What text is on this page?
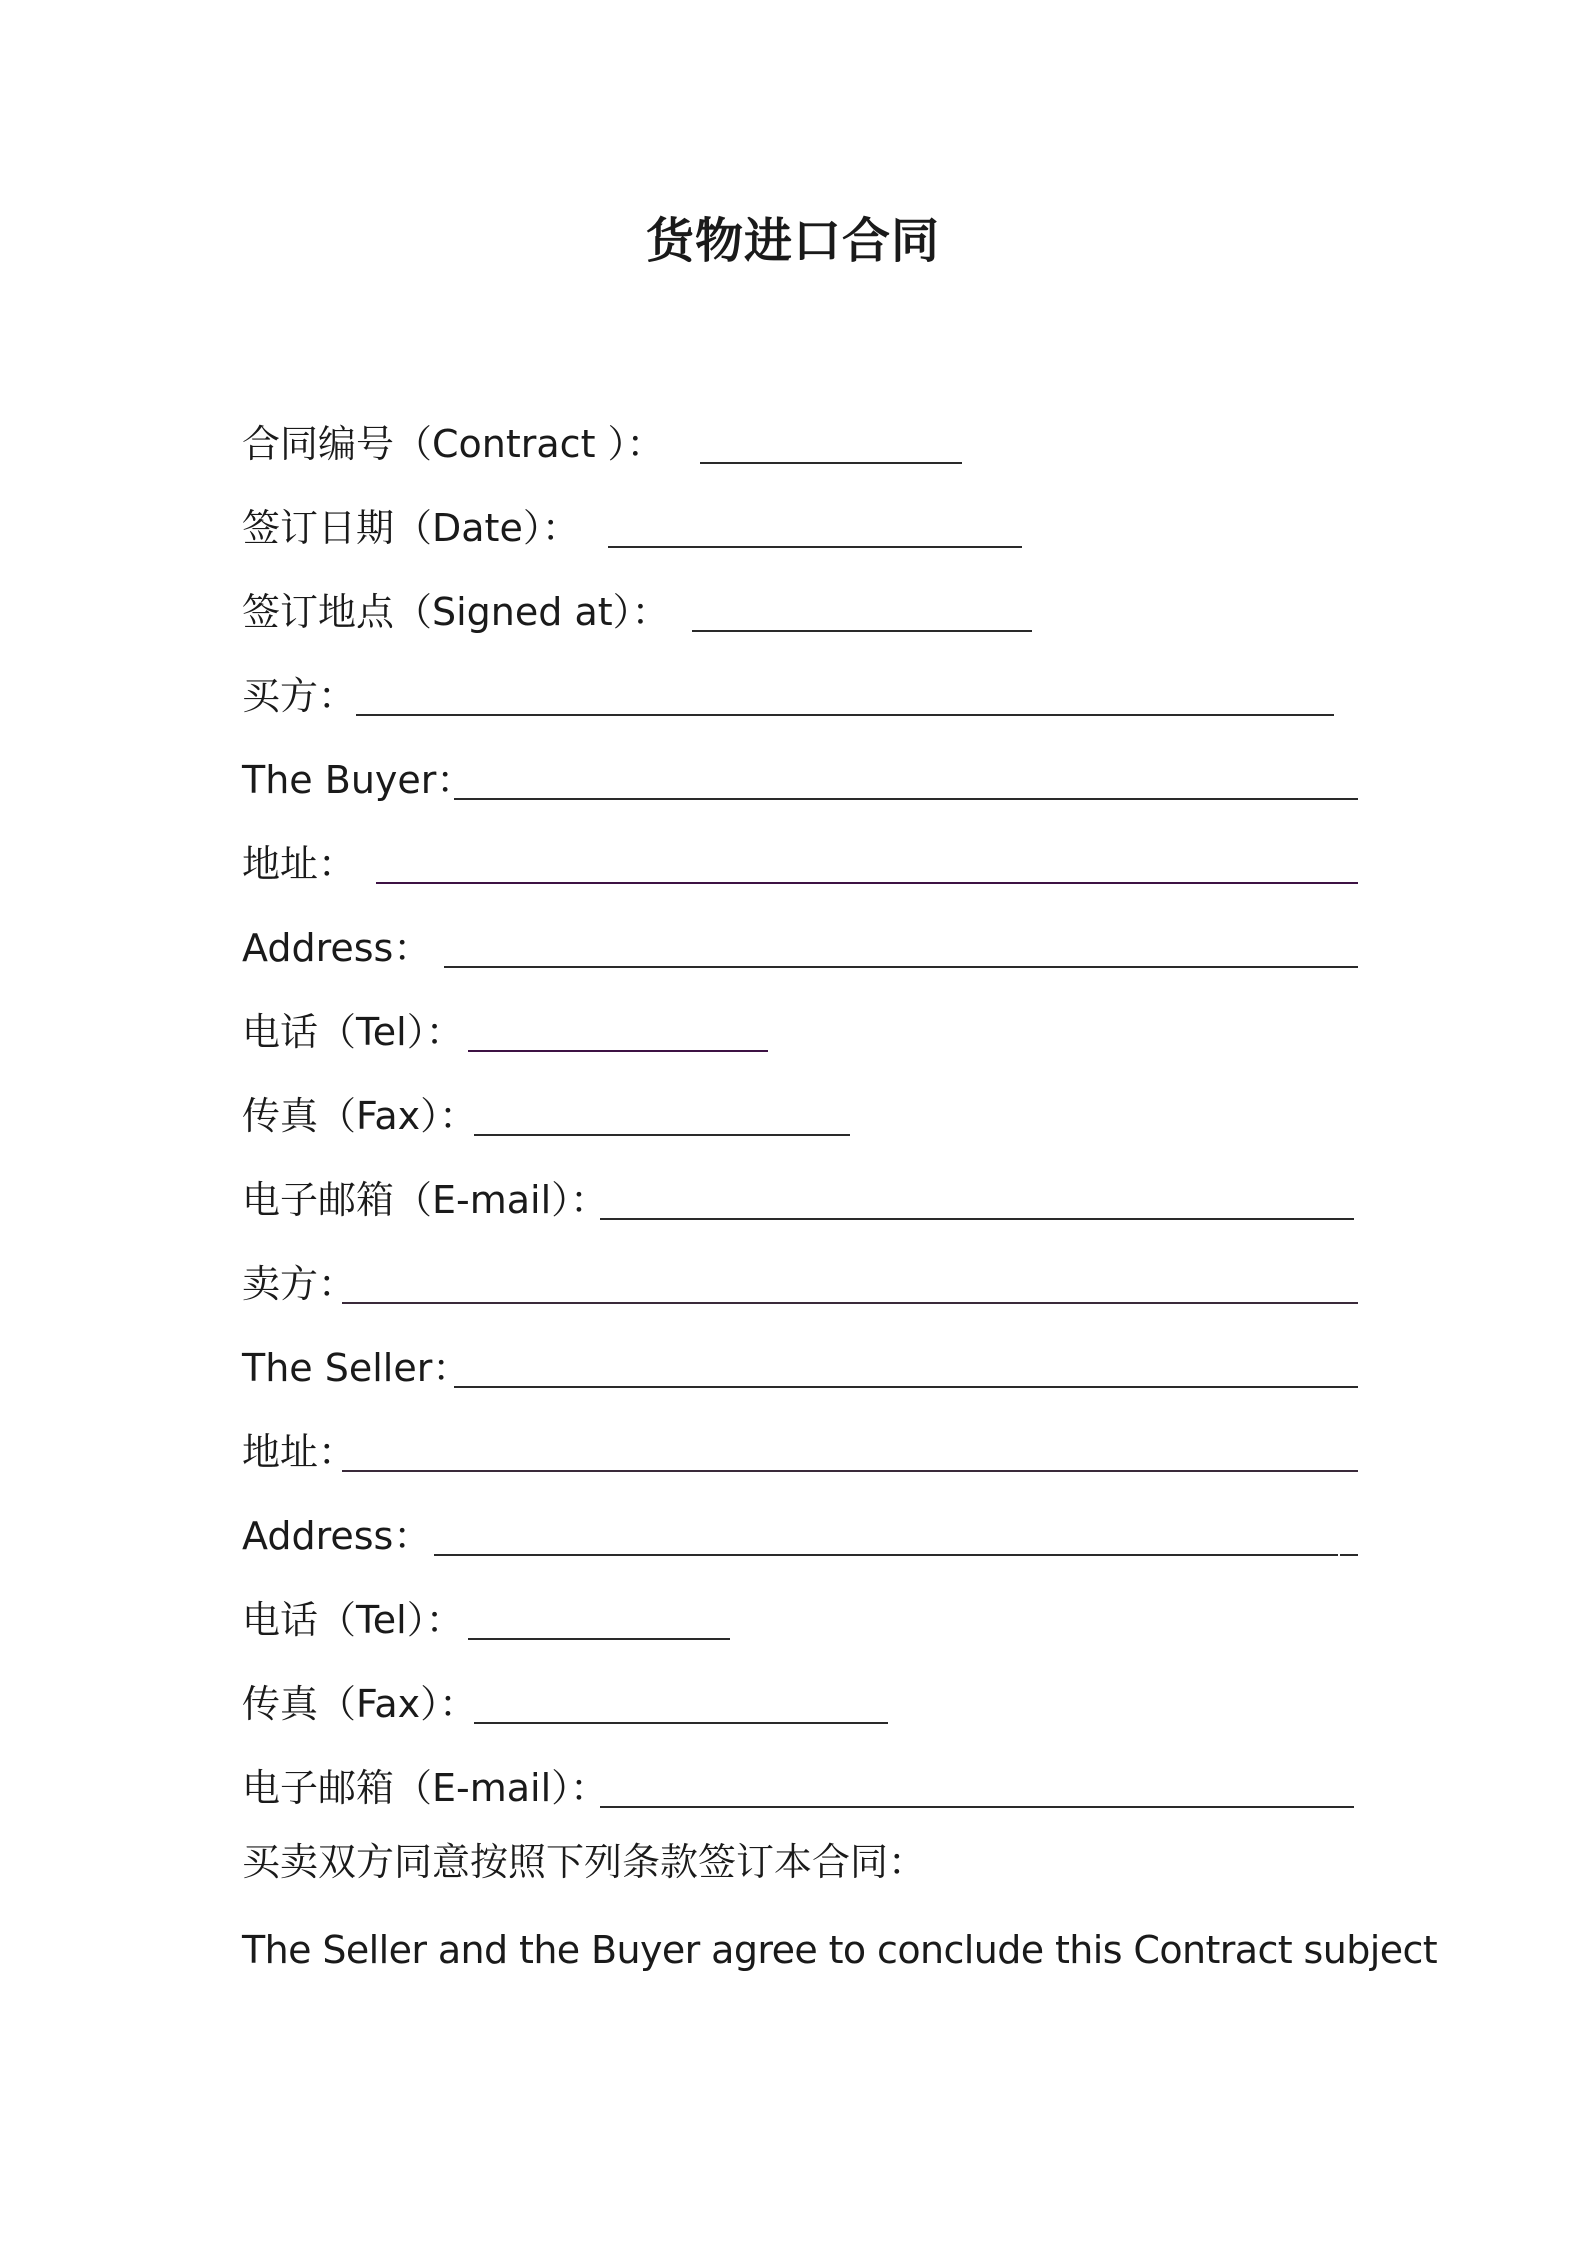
货物进口合同
合同编号（Contract ）：
签订日期（Date）：
签订地点（Signed at）：
买方：
The Buyer：
地址：
Address：
电话（Tel）：
传真（Fax）：
电子邮箱（E-mail）：
卖方：
The Seller：
地址：
Address：
电话（Tel）：
传真（Fax）：
电子邮箱（E-mail）：
买卖双方同意按照下列条款签订本合同：
The Seller and the Buyer agree to conclude this Contract subject
